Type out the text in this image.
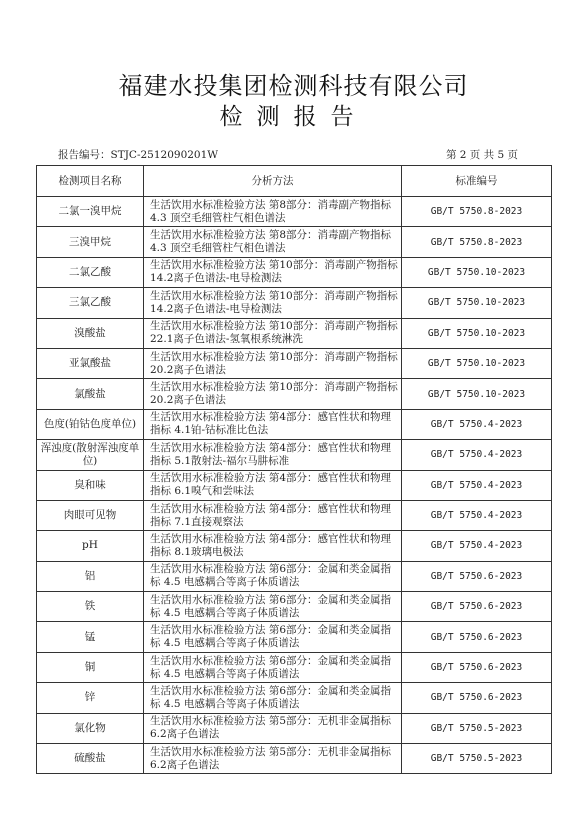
福建水投集团检测科技有限公司
检测报告
报告编号：STJC-2512090201W	第 2 页 共 5 页
检测项目名称	分析方法	标准编号
二氯一溴甲烷	生活饮用水标准检验方法 第8部分：消毒副产物指标 4.3 顶空毛细管柱气相色谱法	GB/T 5750.8-2023
三溴甲烷	生活饮用水标准检验方法 第8部分：消毒副产物指标 4.3 顶空毛细管柱气相色谱法	GB/T 5750.8-2023
二氯乙酸	生活饮用水标准检验方法 第10部分：消毒副产物指标 14.2离子色谱法-电导检测法	GB/T 5750.10-2023
三氯乙酸	生活饮用水标准检验方法 第10部分：消毒副产物指标 14.2离子色谱法-电导检测法	GB/T 5750.10-2023
溴酸盐	生活饮用水标准检验方法 第10部分：消毒副产物指标 22.1离子色谱法-氢氧根系统淋洗	GB/T 5750.10-2023
亚氯酸盐	生活饮用水标准检验方法 第10部分：消毒副产物指标 20.2离子色谱法	GB/T 5750.10-2023
氯酸盐	生活饮用水标准检验方法 第10部分：消毒副产物指标 20.2离子色谱法	GB/T 5750.10-2023
色度(铂钴色度单位)	生活饮用水标准检验方法 第4部分：感官性状和物理指标 4.1铂-钴标准比色法	GB/T 5750.4-2023
浑浊度(散射浑浊度单位)	生活饮用水标准检验方法 第4部分：感官性状和物理指标 5.1散射法-福尔马肼标准	GB/T 5750.4-2023
臭和味	生活饮用水标准检验方法 第4部分：感官性状和物理指标 6.1嗅气和尝味法	GB/T 5750.4-2023
肉眼可见物	生活饮用水标准检验方法 第4部分：感官性状和物理指标 7.1直接观察法	GB/T 5750.4-2023
pH	生活饮用水标准检验方法 第4部分：感官性状和物理指标 8.1玻璃电极法	GB/T 5750.4-2023
铝	生活饮用水标准检验方法 第6部分：金属和类金属指标 4.5 电感耦合等离子体质谱法	GB/T 5750.6-2023
铁	生活饮用水标准检验方法 第6部分：金属和类金属指标 4.5 电感耦合等离子体质谱法	GB/T 5750.6-2023
锰	生活饮用水标准检验方法 第6部分：金属和类金属指标 4.5 电感耦合等离子体质谱法	GB/T 5750.6-2023
铜	生活饮用水标准检验方法 第6部分：金属和类金属指标 4.5 电感耦合等离子体质谱法	GB/T 5750.6-2023
锌	生活饮用水标准检验方法 第6部分：金属和类金属指标 4.5 电感耦合等离子体质谱法	GB/T 5750.6-2023
氯化物	生活饮用水标准检验方法 第5部分：无机非金属指标 6.2离子色谱法	GB/T 5750.5-2023
硫酸盐	生活饮用水标准检验方法 第5部分：无机非金属指标 6.2离子色谱法	GB/T 5750.5-2023
